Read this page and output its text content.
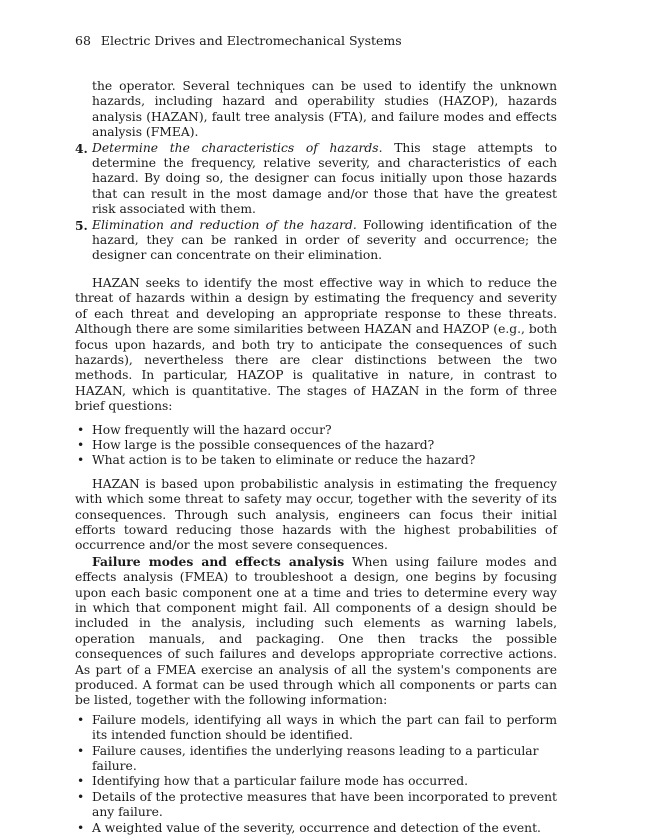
68 Electric Drives and Electromechanical Systems

the operator. Several techniques can be used to identify the unknown hazards, including hazard and operability studies (HAZOP), hazards analysis (HAZAN), fault tree analysis (FTA), and failure modes and effects analysis (FMEA).

4. Determine the characteristics of hazards. This stage attempts to determine the frequency, relative severity, and characteristics of each hazard. By doing so, the designer can focus initially upon those hazards that can result in the most damage and/or those that have the greatest risk associated with them.
5. Elimination and reduction of the hazard. Following identification of the hazard, they can be ranked in order of severity and occurrence; the designer can concentrate on their elimination.

HAZAN seeks to identify the most effective way in which to reduce the threat of hazards within a design by estimating the frequency and severity of each threat and developing an appropriate response to these threats. Although there are some similarities between HAZAN and HAZOP (e.g., both focus upon hazards, and both try to anticipate the consequences of such hazards), nevertheless there are clear distinctions between the two methods. In particular, HAZOP is qualitative in nature, in contrast to HAZAN, which is quantitative. The stages of HAZAN in the form of three brief questions:

• How frequently will the hazard occur?
• How large is the possible consequences of the hazard?
• What action is to be taken to eliminate or reduce the hazard?

HAZAN is based upon probabilistic analysis in estimating the frequency with which some threat to safety may occur, together with the severity of its consequences. Through such analysis, engineers can focus their initial efforts toward reducing those hazards with the highest probabilities of occurrence and/or the most severe consequences.

Failure modes and effects analysis When using failure modes and effects analysis (FMEA) to troubleshoot a design, one begins by focusing upon each basic component one at a time and tries to determine every way in which that component might fail. All components of a design should be included in the analysis, including such elements as warning labels, operation manuals, and packaging. One then tracks the possible consequences of such failures and develops appropriate corrective actions. As part of a FMEA exercise an analysis of all the system's components are produced. A format can be used through which all components or parts can be listed, together with the following information:

• Failure models, identifying all ways in which the part can fail to perform its intended function should be identified.
• Failure causes, identifies the underlying reasons leading to a particular failure.
• Identifying how that a particular failure mode has occurred.
• Details of the protective measures that have been incorporated to prevent any failure.
• A weighted value of the severity, occurrence and detection of the event.
